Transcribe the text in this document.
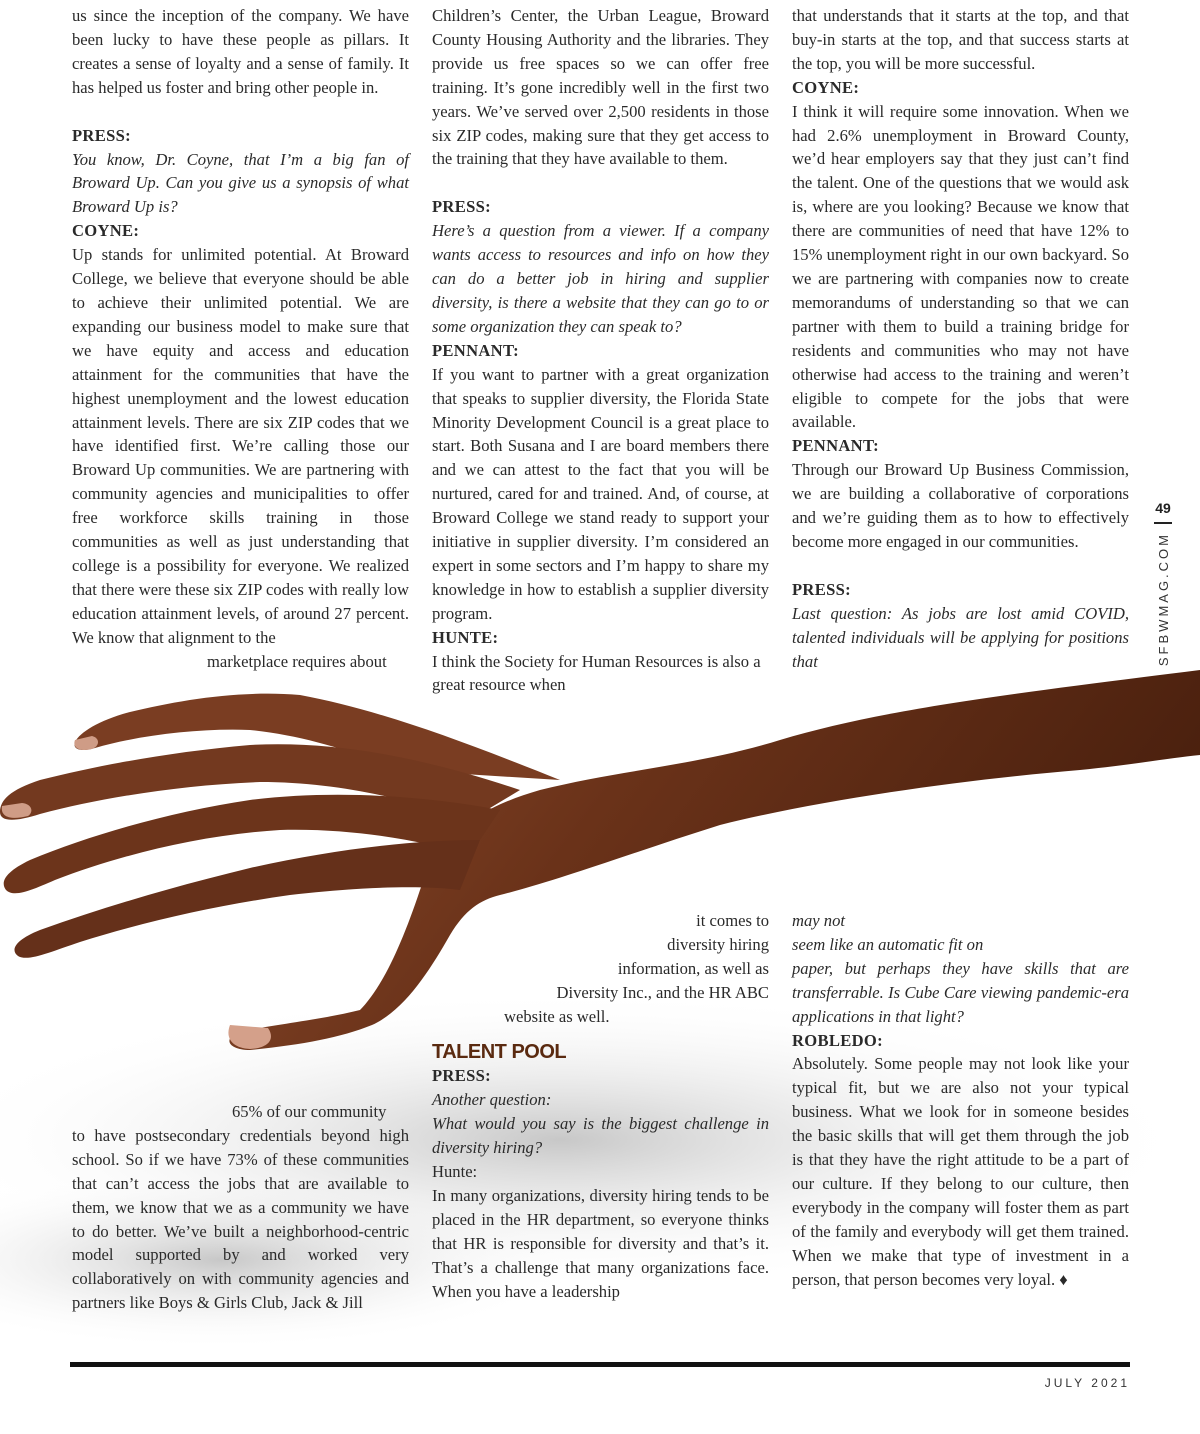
us since the inception of the company. We have been lucky to have these people as pillars. It creates a sense of loyalty and a sense of family. It has helped us foster and bring other people in.

PRESS:

You know, Dr. Coyne, that I’m a big fan of Broward Up. Can you give us a synopsis of what Broward Up is?

COYNE:

Up stands for unlimited potential. At Broward College, we believe that everyone should be able to achieve their unlimited potential. We are expanding our business model to make sure that we have equity and access and education attainment for the communities that have the highest unemployment and the lowest education attainment levels. There are six ZIP codes that we have identified first. We’re calling those our Broward Up communities. We are partnering with community agencies and municipalities to offer free workforce skills training in those communities as well as just understanding that college is a possibility for everyone. We realized that there were these six ZIP codes with really low education attainment levels, of around 27 percent. We know that alignment to the

marketplace requires about

65% of our community

to have postsecondary credentials beyond high school. So if we have 73% of these communities that can’t access the jobs that are available to them, we know that we as a community we have to do better. We’ve built a neighborhood-centric model supported by and worked very collaboratively on with community agencies and partners like Boys & Girls Club, Jack & Jill

Children’s Center, the Urban League, Broward County Housing Authority and the libraries. They provide us free spaces so we can offer free training. It’s gone incredibly well in the first two years. We’ve served over 2,500 residents in those six ZIP codes, making sure that they get access to the training that they have available to them.

PRESS:

Here’s a question from a viewer. If a company wants access to resources and info on how they can do a better job in hiring and supplier diversity, is there a website that they can go to or some organization they can speak to?

PENNANT:

If you want to partner with a great organization that speaks to supplier diversity, the Florida State Minority Development Council is a great place to start. Both Susana and I are board members there and we can attest to the fact that you will be nurtured, cared for and trained. And, of course, at Broward College we stand ready to support your initiative in supplier diversity. I’m considered an expert in some sectors and I’m happy to share my knowledge in how to establish a supplier diversity program.

HUNTE:

I think the Society for Human Resources is also a great resource when

it comes to

diversity hiring

information, as well as

Diversity Inc., and the HR ABC

website as well.

TALENT POOL

PRESS:

Another question:

What would you say is the biggest challenge in diversity hiring?

Hunte:

In many organizations, diversity hiring tends to be placed in the HR department, so everyone thinks that HR is responsible for diversity and that’s it. That’s a challenge that many organizations face. When you have a leadership

that understands that it starts at the top, and that buy-in starts at the top, and that success starts at the top, you will be more successful.

COYNE:

I think it will require some innovation. When we had 2.6% unemployment in Broward County, we’d hear employers say that they just can’t find the talent. One of the questions that we would ask is, where are you looking? Because we know that there are communities of need that have 12% to 15% unemployment right in our own backyard. So we are partnering with companies now to create memorandums of understanding so that we can partner with them to build a training bridge for residents and communities who may not have otherwise had access to the training and weren’t eligible to compete for the jobs that were available.

PENNANT:

Through our Broward Up Business Commission, we are building a collaborative of corporations and we’re guiding them as to how to effectively become more engaged in our communities.

PRESS:

Last question: As jobs are lost amid COVID, talented individuals will be applying for positions that

may not

seem like an automatic fit on

paper, but perhaps they have skills that are transferrable. Is Cube Care viewing pandemic-era applications in that light?

ROBLEDO:

Absolutely. Some people may not look like your typical fit, but we are also not your typical business. What we look for in someone besides the basic skills that will get them through the job is that they have the right attitude to be a part of our culture. If they belong to our culture, then everybody in the company will foster them as part of the family and everybody will get them trained. When we make that type of investment in a person, that person becomes very loyal. ♦

49
SFBWMAG.COM
JULY 2021
